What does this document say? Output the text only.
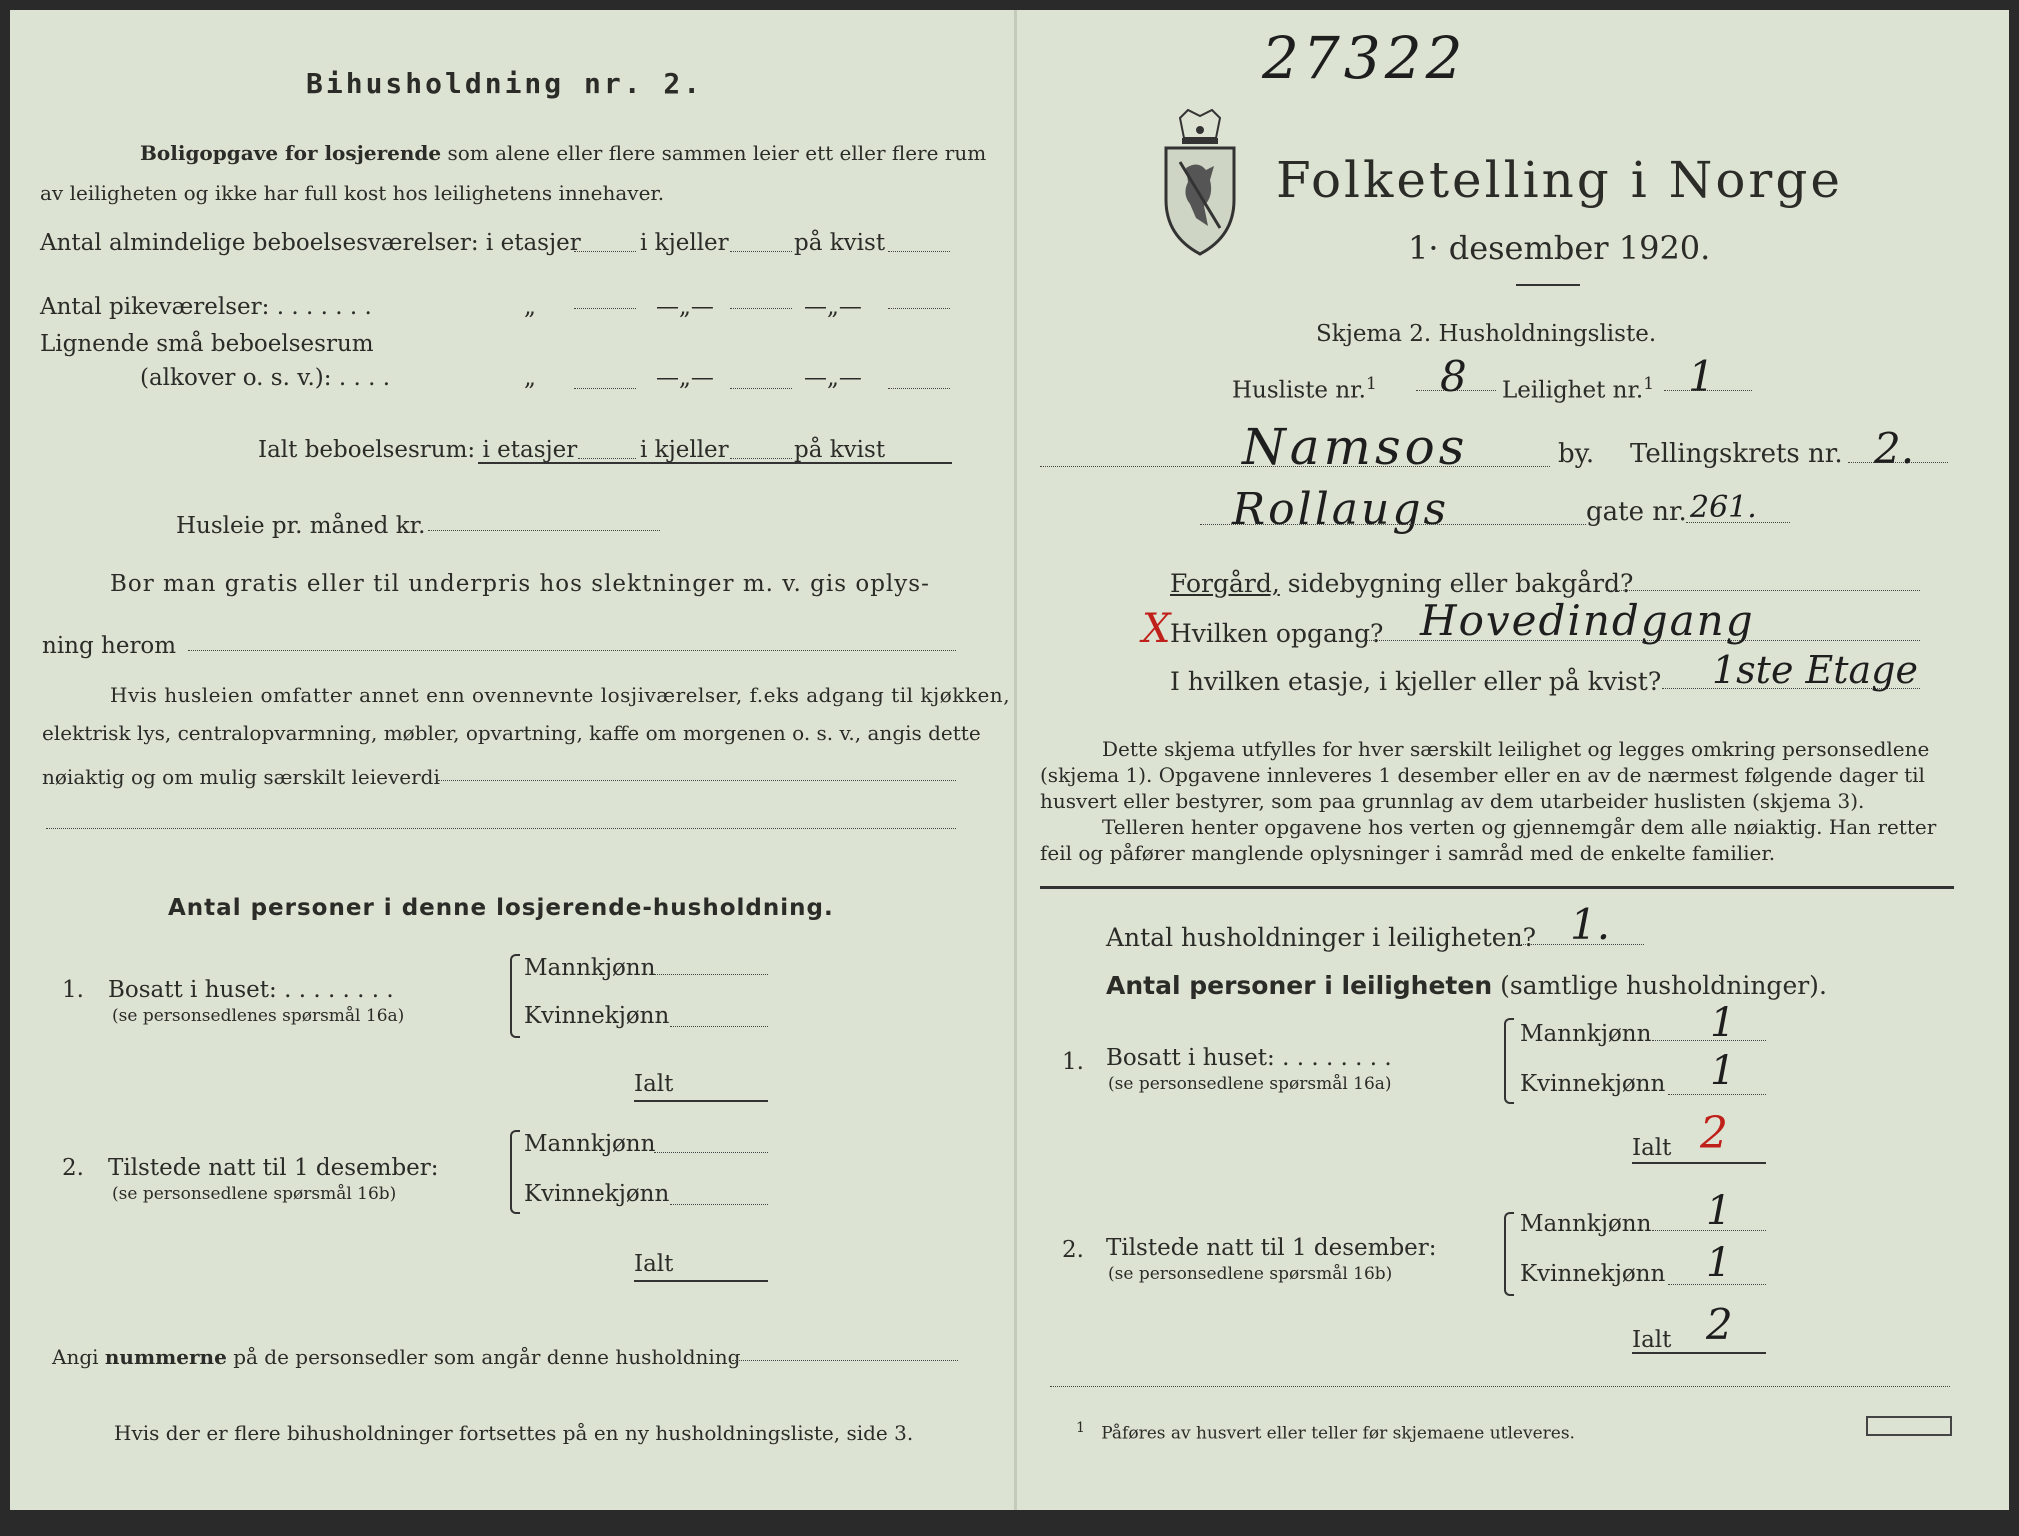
Bihusholdning nr. 2.
Boligopgave for losjerende som alene eller flere sammen leier ett eller flere rum
av leiligheten og ikke har full kost hos leilighetens innehaver.
Antal almindelige beboelsesværelser: i etasjer	i kjeller	på kvist
Antal pikeværelser: . . . . . . .	„	—„—	—„—
Lignende små beboelsesrum
(alkover o. s. v.): . . . .	„	—„—	—„—
Ialt beboelsesrum: i etasjer	i kjeller	på kvist
Husleie pr. måned kr.
Bor man gratis eller til underpris hos slektninger m. v. gis oplys-
ning herom
Hvis husleien omfatter annet enn ovennevnte losjiværelser, f.eks adgang til kjøkken,
elektrisk lys, centralopvarmning, møbler, opvartning, kaffe om morgenen o. s. v., angis dette
nøiaktig og om mulig særskilt leieverdi
Antal personer i denne losjerende-husholdning.
1. Bosatt i huset: . . . . . . . .
(se personsedlenes spørsmål 16a)
Mannkjønn
Kvinnekjønn
Ialt
2. Tilstede natt til 1 desember:
(se personsedlene spørsmål 16b)
Mannkjønn
Kvinnekjønn
Ialt
Angi nummerne på de personsedler som angår denne husholdning
Hvis der er flere bihusholdninger fortsettes på en ny husholdningsliste, side 3.
27322
Folketelling i Norge
1· desember 1920.
Skjema 2. Husholdningsliste.
Husliste nr.$^1$ 8 Leilighet nr.$^1$ 1
Namsos	by. Tellingskrets nr. 2.
Rollaugs	gate nr. 261.
Forgård, sidebygning eller bakgård?
X Hvilken opgang? Hovedindgang
I hvilken etasje, i kjeller eller på kvist? 1ste Etage
Dette skjema utfylles for hver særskilt leilighet og legges omkring personsedlene
(skjema 1). Opgavene innleveres 1 desember eller en av de nærmest følgende dager til
husvert eller bestyrer, som paa grunnlag av dem utarbeider huslisten (skjema 3).
Telleren henter opgavene hos verten og gjennemgår dem alle nøiaktig. Han retter
feil og påfører manglende oplysninger i samråd med de enkelte familier.
Antal husholdninger i leiligheten? 1.
Antal personer i leiligheten (samtlige husholdninger).
1. Bosatt i huset: . . . . . . . .
(se personsedlene spørsmål 16a)
Mannkjønn 1
Kvinnekjønn 1
Ialt 2
2. Tilstede natt til 1 desember:
(se personsedlene spørsmål 16b)
Mannkjønn 1
Kvinnekjønn 1
Ialt 2
$^1$ Påføres av husvert eller teller før skjemaene utleveres.
